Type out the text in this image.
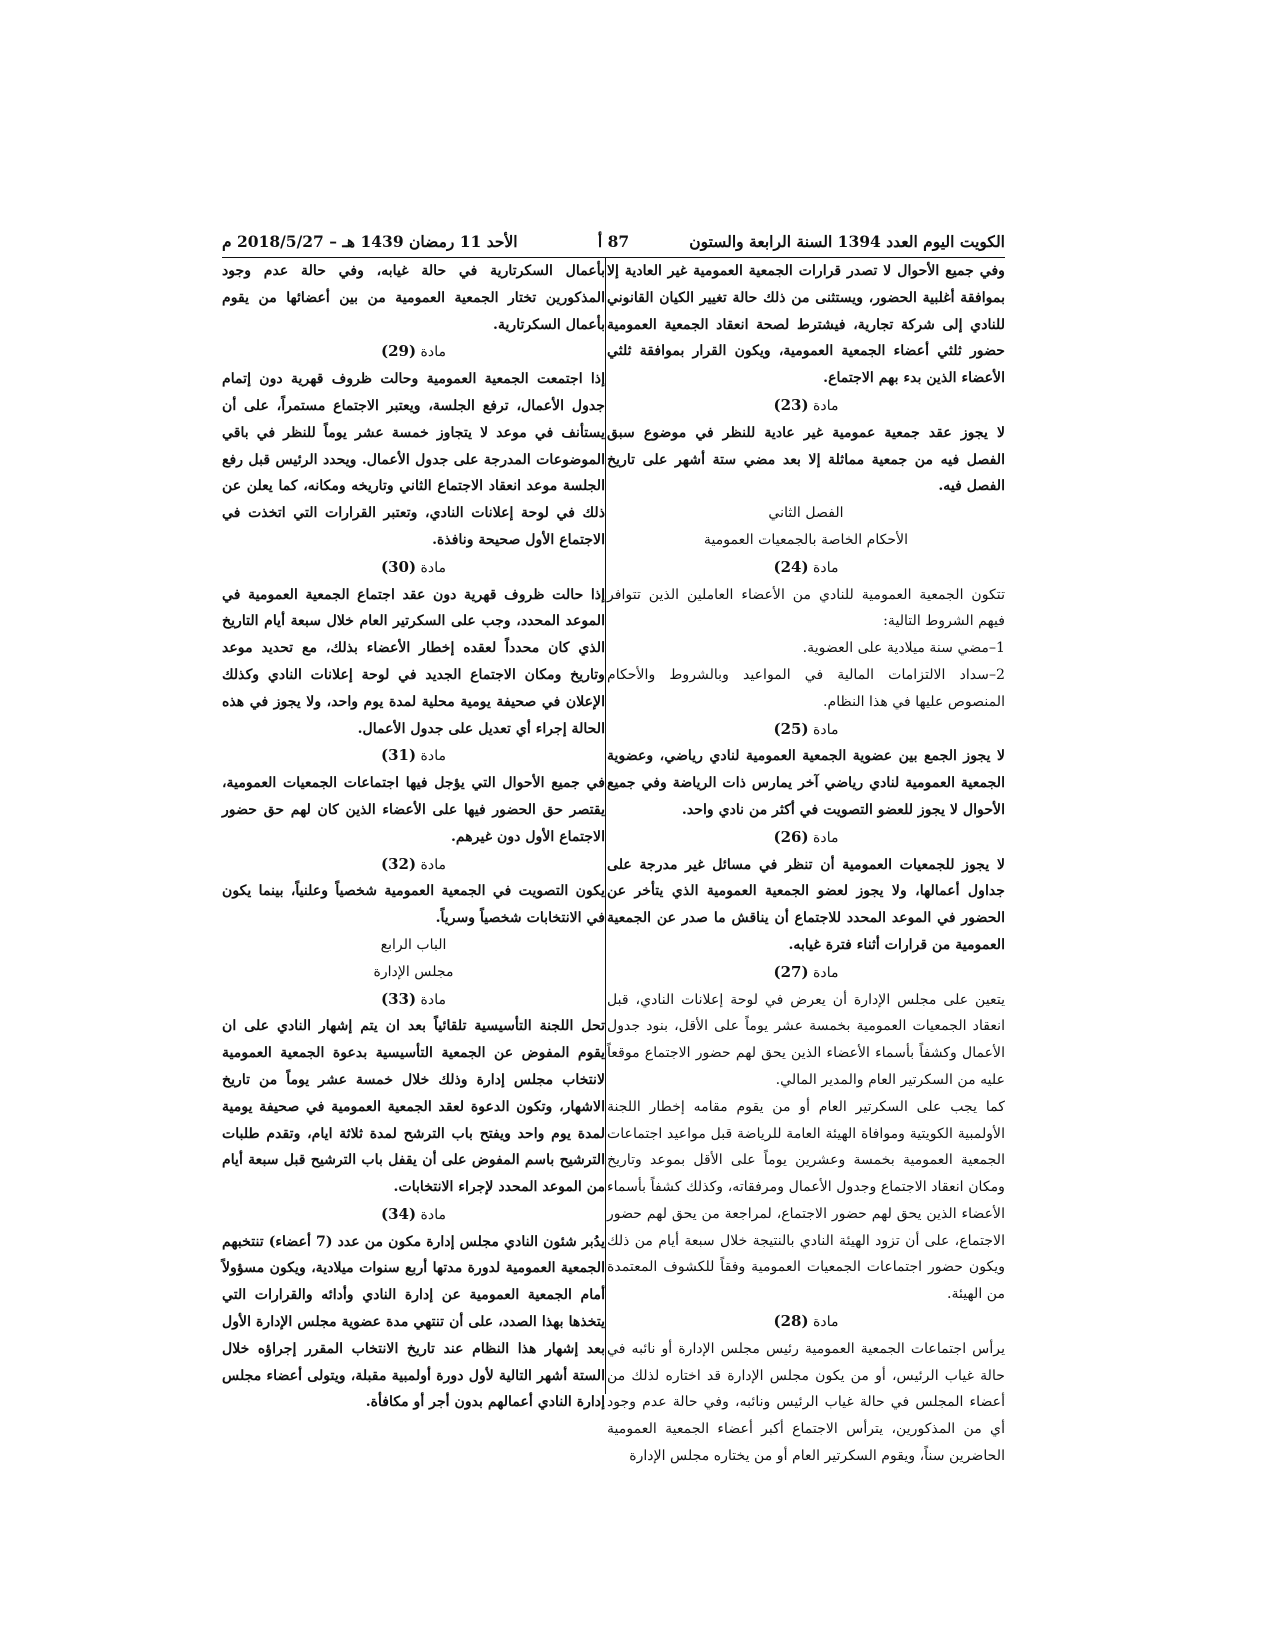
الكويت اليوم العدد 1394 السنة الرابعة والستون
87 أ
الأحد 11 رمضان 1439 هـ – 2018/5/27 م
وفي جميع الأحوال لا تصدر قرارات الجمعية العمومية غير العادية إلا بموافقة أغلبية الحضور، ويستثنى من ذلك حالة تغيير الكيان القانوني للنادي إلى شركة تجارية، فيشترط لصحة انعقاد الجمعية العمومية حضور ثلثي أعضاء الجمعية العمومية، ويكون القرار بموافقة ثلثي الأعضاء الذين بدء بهم الاجتماع.
مادة (23)
لا يجوز عقد جمعية عمومية غير عادية للنظر في موضوع سبق الفصل فيه من جمعية مماثلة إلا بعد مضي ستة أشهر على تاريخ الفصل فيه.
الفصل الثاني
الأحكام الخاصة بالجمعيات العمومية
مادة (24)
تتكون الجمعية العمومية للنادي من الأعضاء العاملين الذين تتوافر فيهم الشروط التالية:
1–مضي سنة ميلادية على العضوية.
2–سداد الالتزامات المالية في المواعيد وبالشروط والأحكام المنصوص عليها في هذا النظام.
مادة (25)
لا يجوز الجمع بين عضوية الجمعية العمومية لنادي رياضي، وعضوية الجمعية العمومية لنادي رياضي آخر يمارس ذات الرياضة وفي جميع الأحوال لا يجوز للعضو التصويت في أكثر من نادي واحد.
مادة (26)
لا يجوز للجمعيات العمومية أن تنظر في مسائل غير مدرجة على جداول أعمالها، ولا يجوز لعضو الجمعية العمومية الذي يتأخر عن الحضور في الموعد المحدد للاجتماع أن يناقش ما صدر عن الجمعية العمومية من قرارات أثناء فترة غيابه.
مادة (27)
يتعين على مجلس الإدارة أن يعرض في لوحة إعلانات النادي، قبل انعقاد الجمعيات العمومية بخمسة عشر يوماً على الأقل، بنود جدول الأعمال وكشفاً بأسماء الأعضاء الذين يحق لهم حضور الاجتماع موقعاً عليه من السكرتير العام والمدير المالي.
كما يجب على السكرتير العام أو من يقوم مقامه إخطار اللجنة الأولمبية الكويتية وموافاة الهيئة العامة للرياضة قبل مواعيد اجتماعات الجمعية العمومية بخمسة وعشرين يوماً على الأقل بموعد وتاريخ ومكان انعقاد الاجتماع وجدول الأعمال ومرفقاته، وكذلك كشفاً بأسماء الأعضاء الذين يحق لهم حضور الاجتماع، لمراجعة من يحق لهم حضور الاجتماع، على أن تزود الهيئة النادي بالنتيجة خلال سبعة أيام من ذلك ويكون حضور اجتماعات الجمعيات العمومية وفقاً للكشوف المعتمدة من الهيئة.
مادة (28)
يرأس اجتماعات الجمعية العمومية رئيس مجلس الإدارة أو نائبه في حالة غياب الرئيس، أو من يكون مجلس الإدارة قد اختاره لذلك من أعضاء المجلس في حالة غياب الرئيس ونائبه، وفي حالة عدم وجود أي من المذكورين، يترأس الاجتماع أكبر أعضاء الجمعية العمومية الحاضرين سناً، ويقوم السكرتير العام أو من يختاره مجلس الإدارة
بأعمال السكرتارية في حالة غيابه، وفي حالة عدم وجود المذكورين تختار الجمعية العمومية من بين أعضائها من يقوم بأعمال السكرتارية.
مادة (29)
إذا اجتمعت الجمعية العمومية وحالت ظروف قهرية دون إتمام جدول الأعمال، ترفع الجلسة، ويعتبر الاجتماع مستمراً، على أن يستأنف في موعد لا يتجاوز خمسة عشر يوماً للنظر في باقي الموضوعات المدرجة على جدول الأعمال. ويحدد الرئيس قبل رفع الجلسة موعد انعقاد الاجتماع الثاني وتاريخه ومكانه، كما يعلن عن ذلك في لوحة إعلانات النادي، وتعتبر القرارات التي اتخذت في الاجتماع الأول صحيحة ونافذة.
مادة (30)
إذا حالت ظروف قهرية دون عقد اجتماع الجمعية العمومية في الموعد المحدد، وجب على السكرتير العام خلال سبعة أيام التاريخ الذي كان محدداً لعقده إخطار الأعضاء بذلك، مع تحديد موعد وتاريخ ومكان الاجتماع الجديد في لوحة إعلانات النادي وكذلك الإعلان في صحيفة يومية محلية لمدة يوم واحد، ولا يجوز في هذه الحالة إجراء أي تعديل على جدول الأعمال.
مادة (31)
في جميع الأحوال التي يؤجل فيها اجتماعات الجمعيات العمومية، يقتصر حق الحضور فيها على الأعضاء الذين كان لهم حق حضور الاجتماع الأول دون غيرهم.
مادة (32)
يكون التصويت في الجمعية العمومية شخصياً وعلنياً، بينما يكون في الانتخابات شخصياً وسرياً.
الباب الرابع
مجلس الإدارة
مادة (33)
تحل اللجنة التأسيسية تلقائياً بعد ان يتم إشهار النادي على ان يقوم المفوض عن الجمعية التأسيسية بدعوة الجمعية العمومية لانتخاب مجلس إدارة وذلك خلال خمسة عشر يوماً من تاريخ الاشهار، وتكون الدعوة لعقد الجمعية العمومية في صحيفة يومية لمدة يوم واحد ويفتح باب الترشح لمدة ثلاثة ايام، وتقدم طلبات الترشيح باسم المفوض على أن يقفل باب الترشيح قبل سبعة أيام من الموعد المحدد لإجراء الانتخابات.
مادة (34)
يدُبر شئون النادي مجلس إدارة مكون من عدد (7 أعضاء) تنتخبهم الجمعية العمومية لدورة مدتها أربع سنوات ميلادية، ويكون مسؤولاً أمام الجمعية العمومية عن إدارة النادي وأدائه والقرارات التي يتخذها بهذا الصدد، على أن تنتهي مدة عضوية مجلس الإدارة الأول بعد إشهار هذا النظام عند تاريخ الانتخاب المقرر إجراؤه خلال الستة أشهر التالية لأول دورة أولمبية مقبلة، ويتولى أعضاء مجلس إدارة النادي أعمالهم بدون أجر أو مكافأة.
